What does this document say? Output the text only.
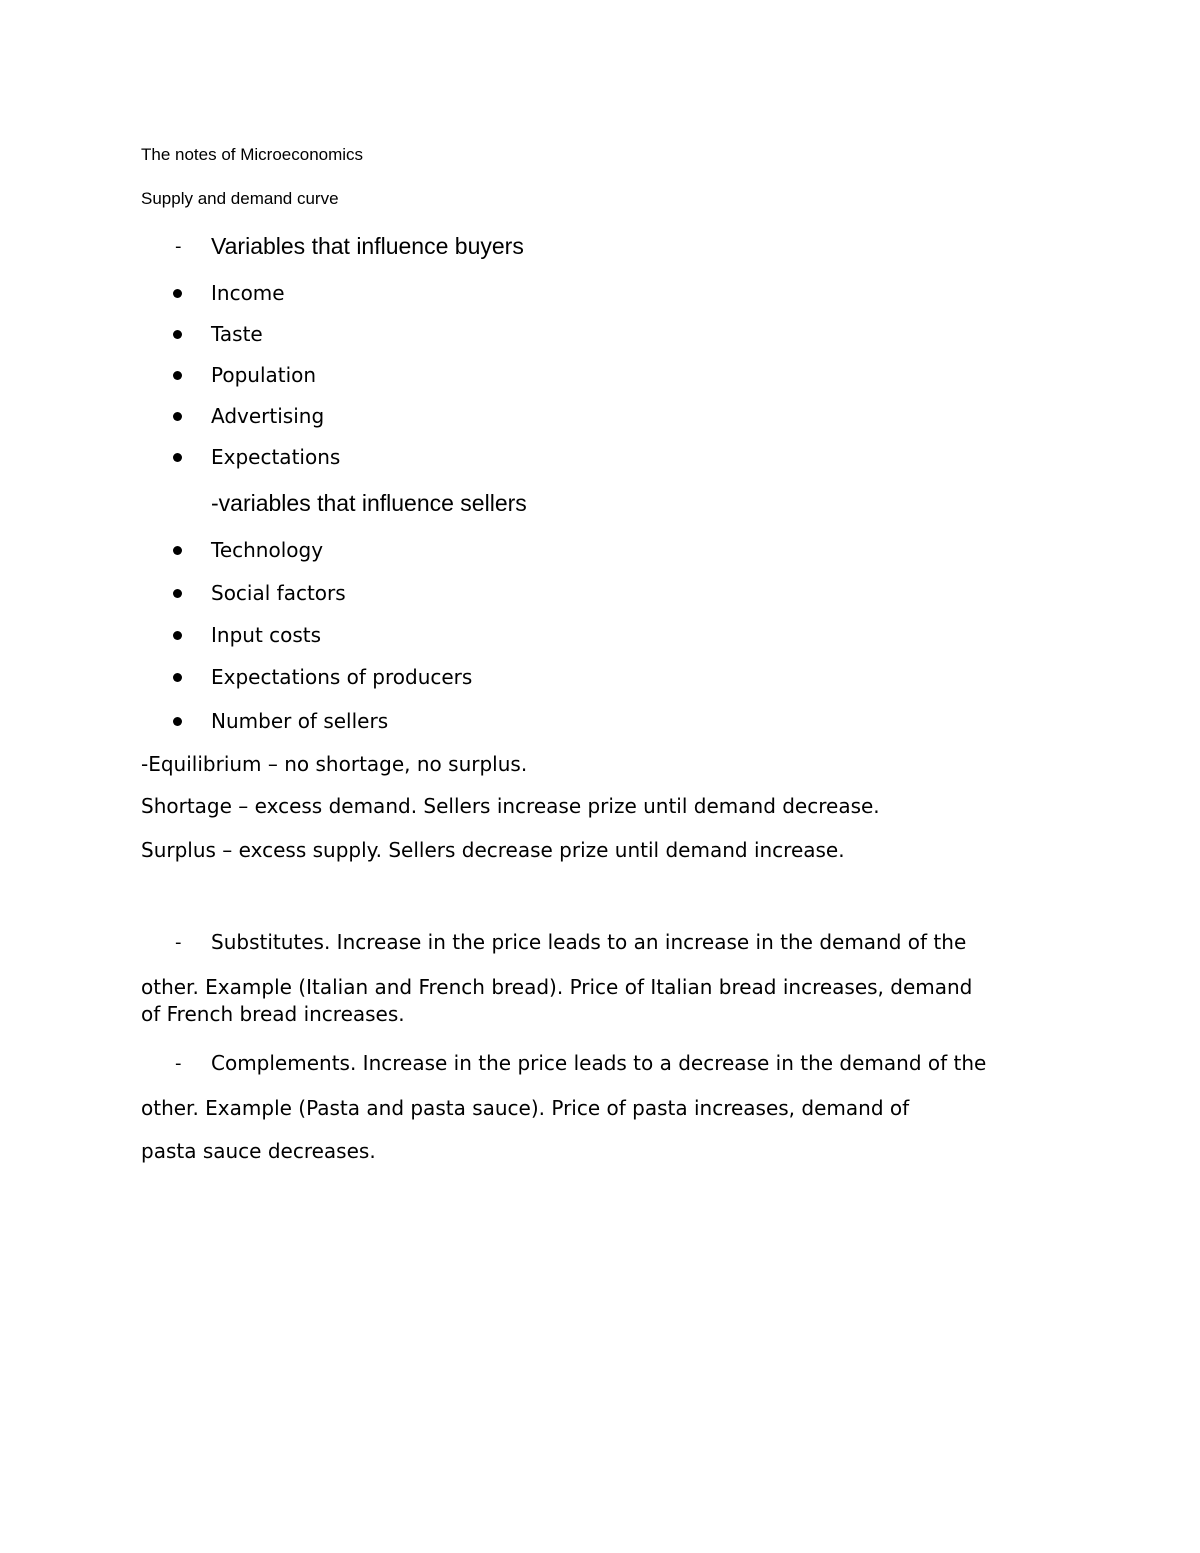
The notes of Microeconomics

Supply and demand curve

- Variables that influence buyers

Income

Taste

Population

Advertising

Expectations

-variables that influence sellers

Technology

Social factors

Input costs

Expectations of producers

Number of sellers

-Equilibrium – no shortage, no surplus.

Shortage – excess demand. Sellers increase prize until demand decrease.

Surplus – excess supply. Sellers decrease prize until demand increase.

- Substitutes. Increase in the price leads to an increase in the demand of the

other. Example (Italian and French bread). Price of Italian bread increases, demand

of French bread increases.

- Complements. Increase in the price leads to a decrease in the demand of the

other. Example (Pasta and pasta sauce). Price of pasta increases, demand of

pasta sauce decreases.
